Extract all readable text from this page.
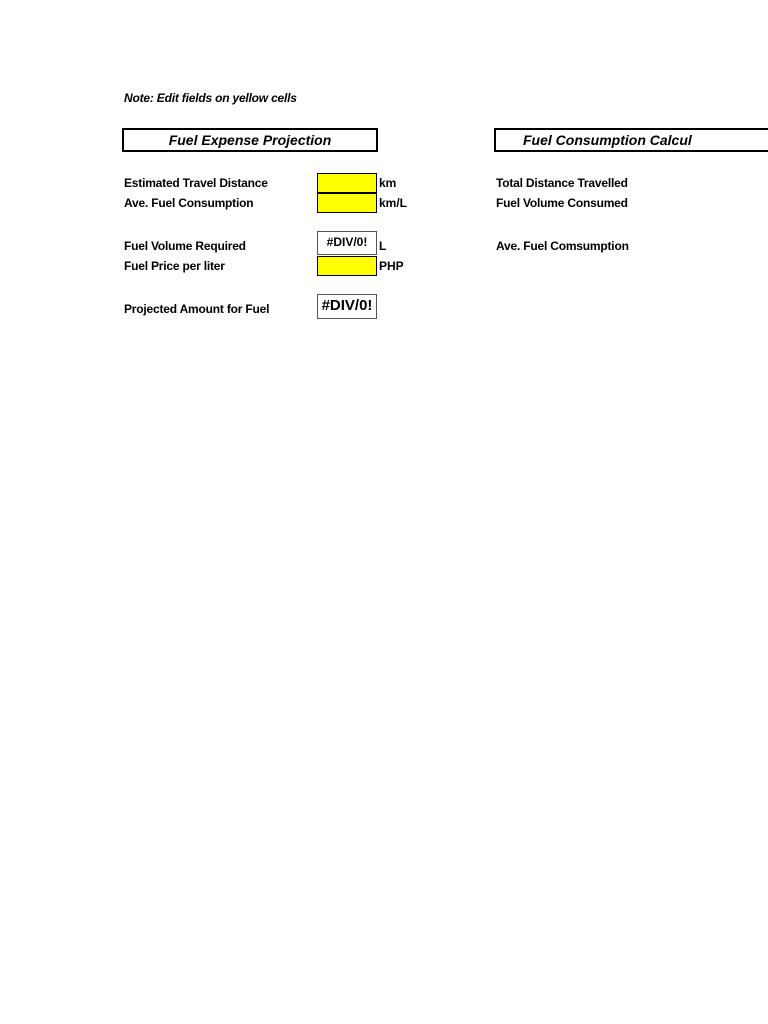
Note: Edit fields on yellow cells
Fuel Expense Projection
Estimated Travel Distance	km
Ave. Fuel Consumption	km/L
Fuel Volume Required	#DIV/0! L
Fuel Price per liter	PHP
Projected Amount for Fuel	#DIV/0!
Fuel Consumption Calcul
Total Distance Travelled
Fuel Volume Consumed
Ave. Fuel Comsumption
